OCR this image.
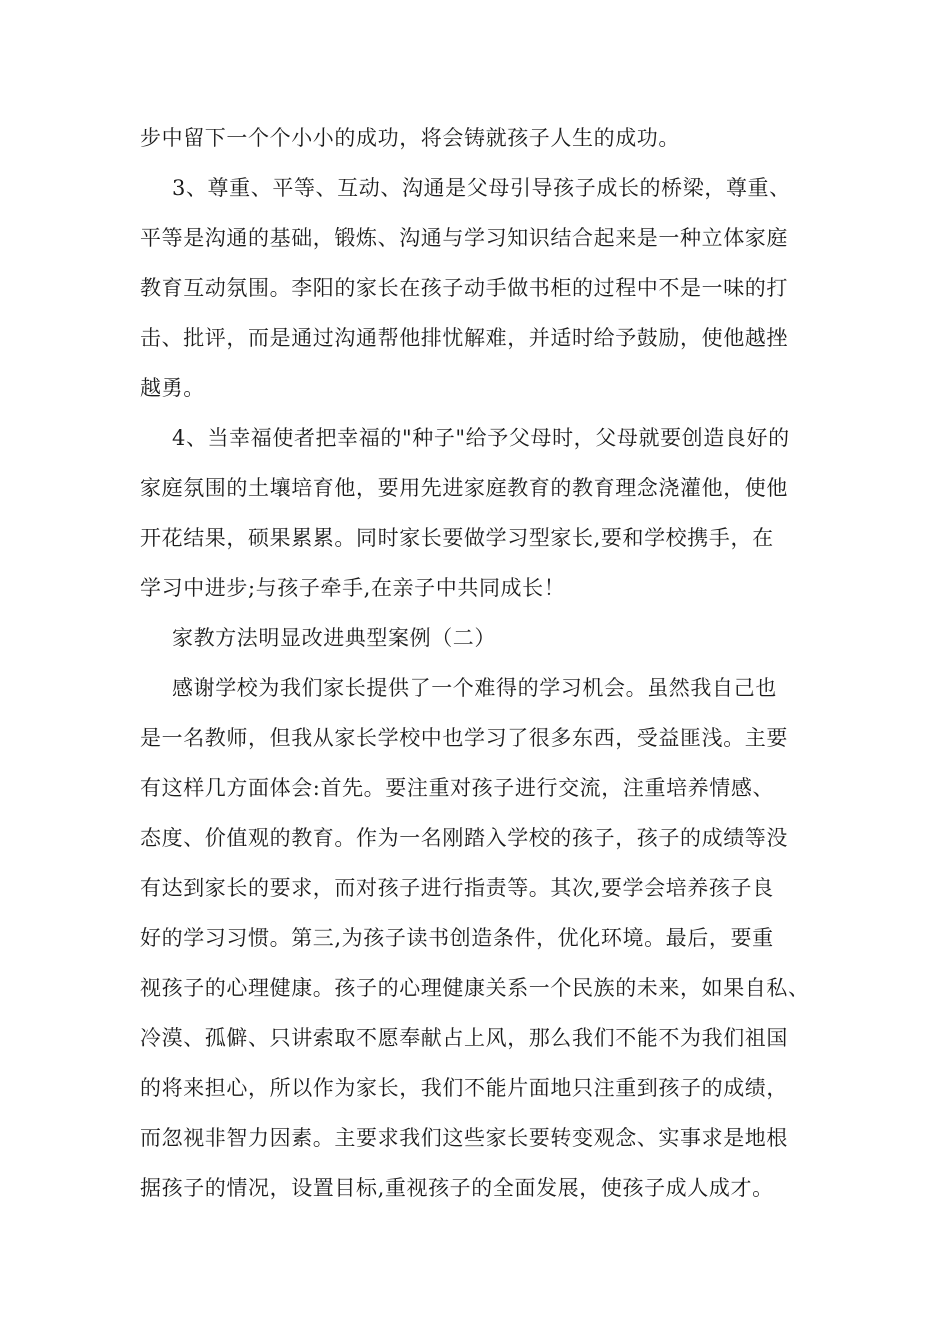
步中留下一个个小小的成功，将会铸就孩子人生的成功。

3、尊重、平等、互动、沟通是父母引导孩子成长的桥梁，尊重、

平等是沟通的基础，锻炼、沟通与学习知识结合起来是一种立体家庭

教育互动氛围。李阳的家长在孩子动手做书柜的过程中不是一味的打

击、批评，而是通过沟通帮他排忧解难，并适时给予鼓励，使他越挫

越勇。

4、当幸福使者把幸福的"种子"给予父母时，父母就要创造良好的

家庭氛围的土壤培育他，要用先进家庭教育的教育理念浇灌他，使他

开花结果，硕果累累。同时家长要做学习型家长,要和学校携手，在

学习中进步;与孩子牵手,在亲子中共同成长！

家教方法明显改进典型案例（二）

感谢学校为我们家长提供了一个难得的学习机会。虽然我自己也

是一名教师，但我从家长学校中也学习了很多东西，受益匪浅。主要

有这样几方面体会:首先。要注重对孩子进行交流，注重培养情感、

态度、价值观的教育。作为一名刚踏入学校的孩子，孩子的成绩等没

有达到家长的要求，而对孩子进行指责等。其次,要学会培养孩子良

好的学习习惯。第三,为孩子读书创造条件，优化环境。最后，要重

视孩子的心理健康。孩子的心理健康关系一个民族的未来，如果自私、

冷漠、孤僻、只讲索取不愿奉献占上风，那么我们不能不为我们祖国

的将来担心，所以作为家长，我们不能片面地只注重到孩子的成绩，

而忽视非智力因素。主要求我们这些家长要转变观念、实事求是地根

据孩子的情况，设置目标,重视孩子的全面发展，使孩子成人成才。
